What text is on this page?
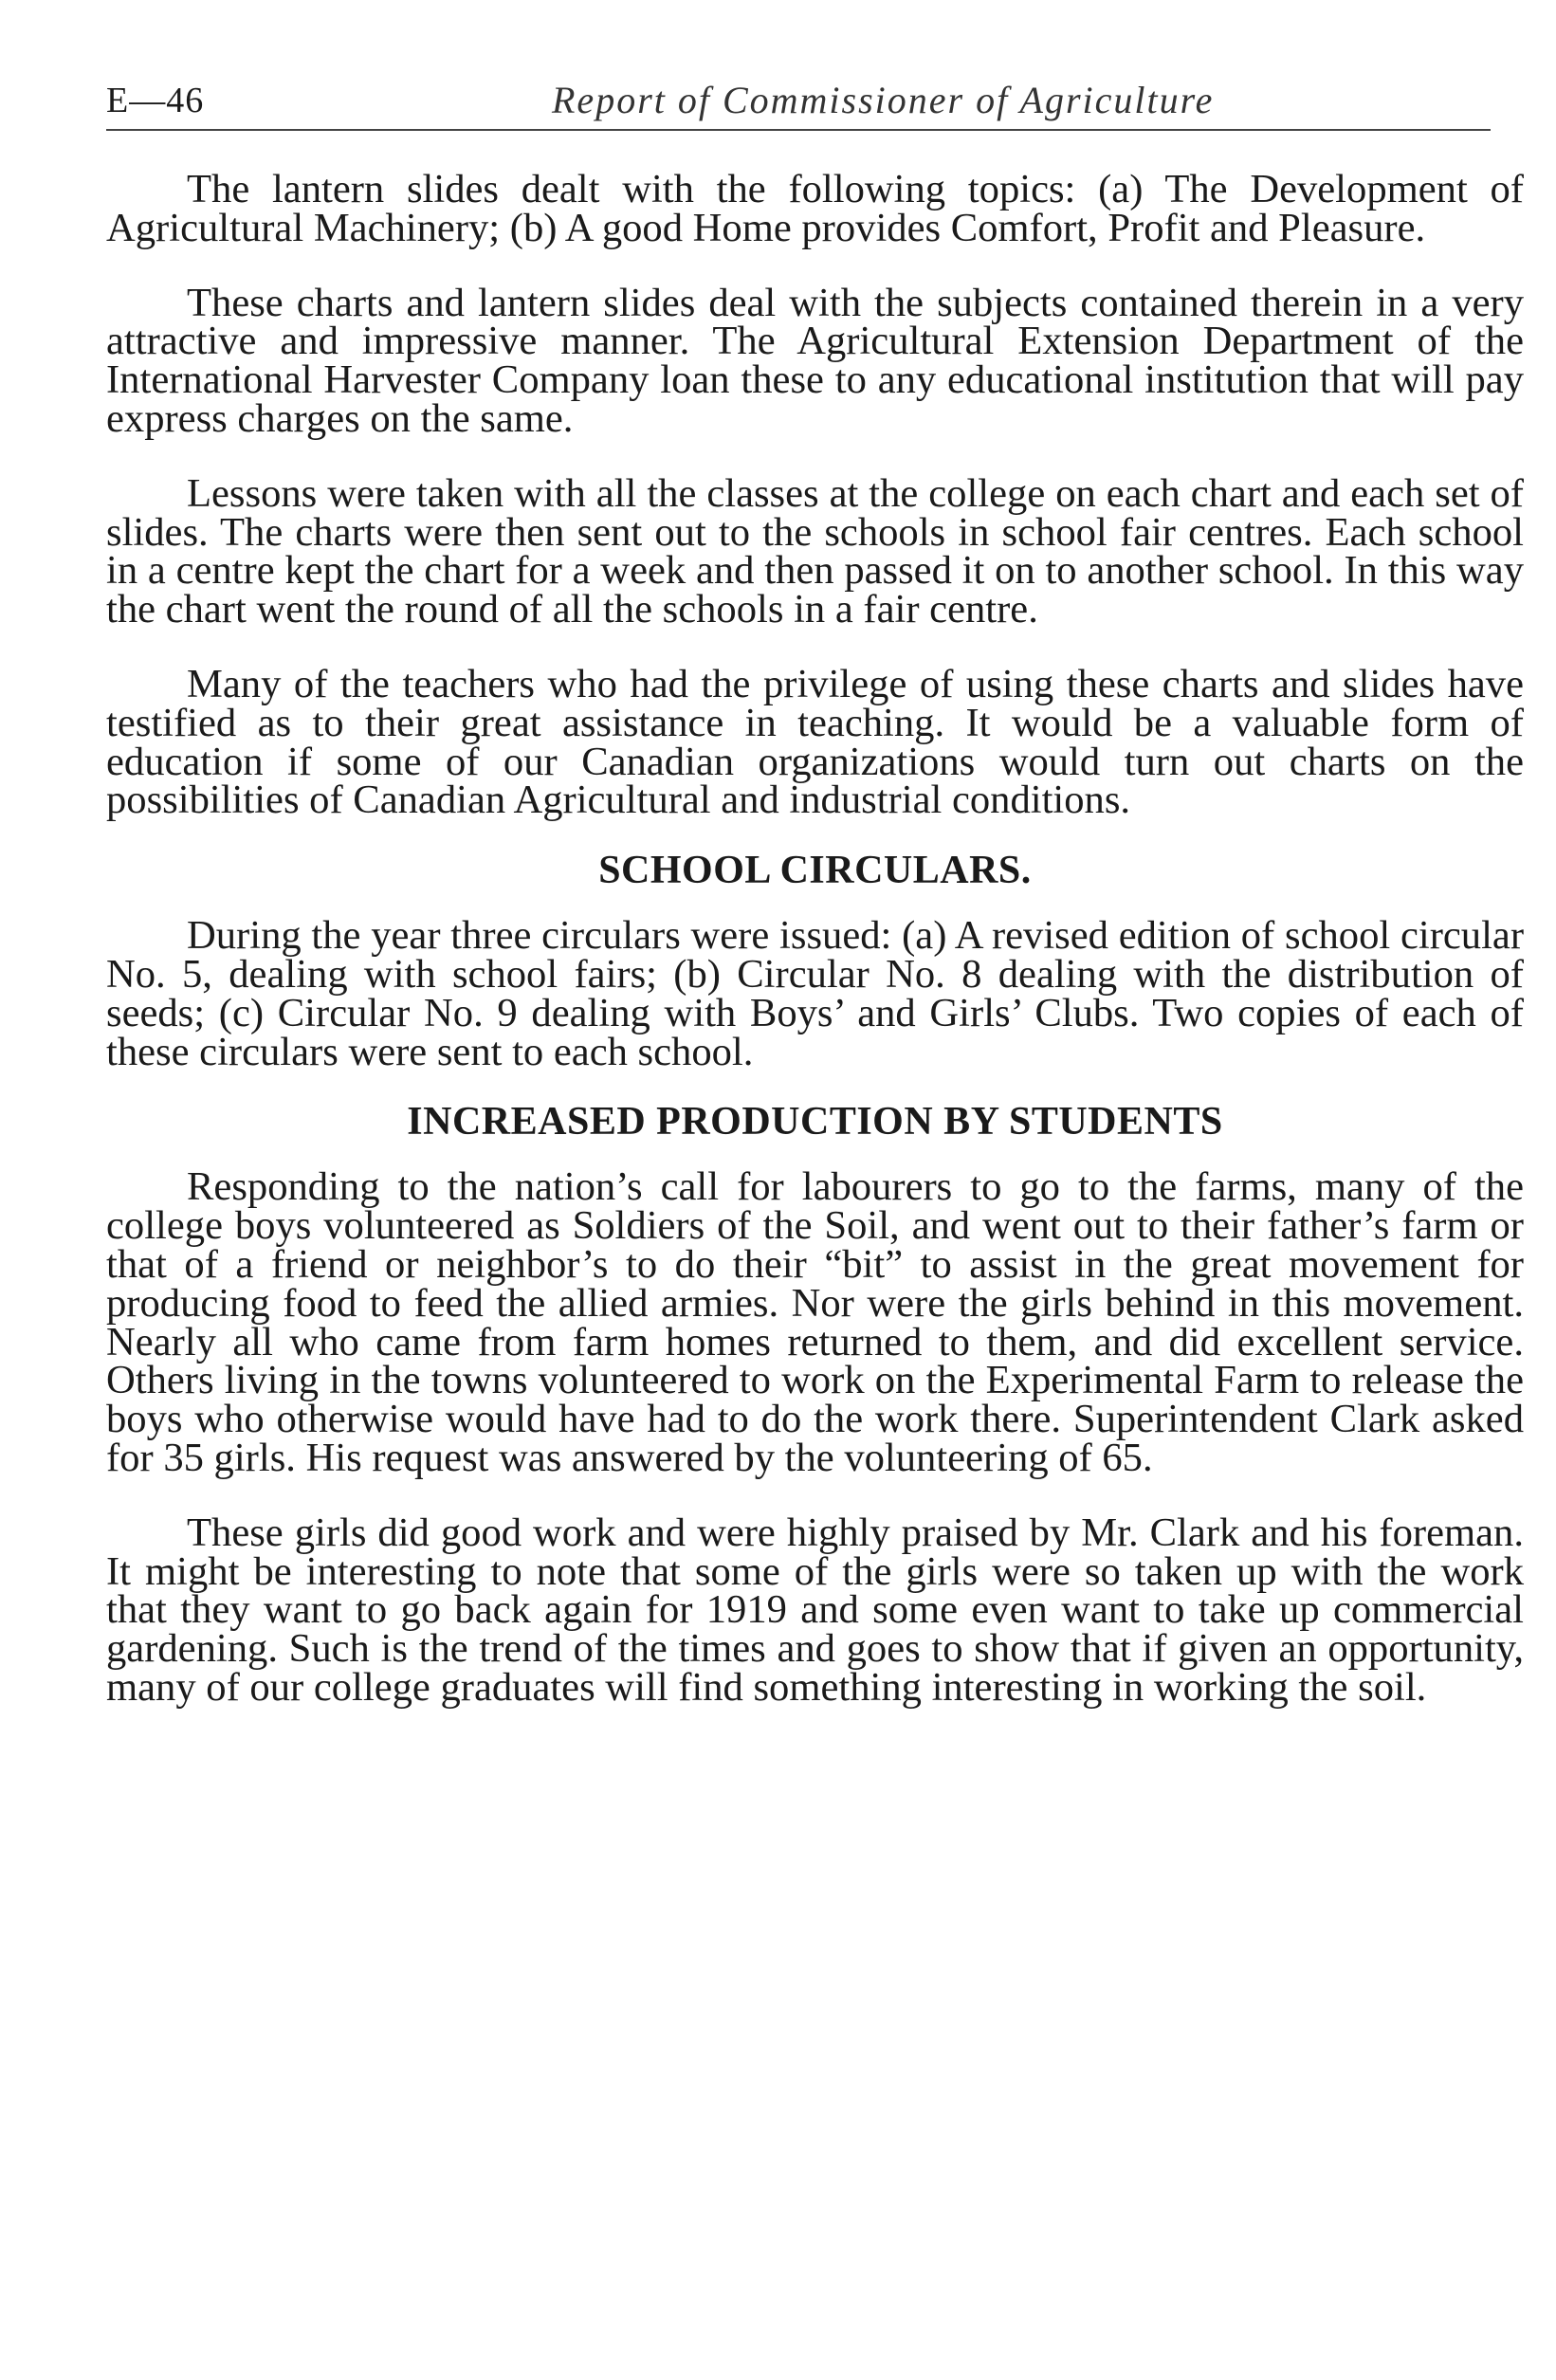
E—46	Report of Commissioner of Agriculture

The lantern slides dealt with the following topics: (a) The Development of Agricultural Machinery; (b) A good Home provides Comfort, Profit and Pleasure.

These charts and lantern slides deal with the subjects contained therein in a very attractive and impressive manner. The Agricultural Extension Department of the International Harvester Company loan these to any educational institution that will pay express charges on the same.

Lessons were taken with all the classes at the college on each chart and each set of slides. The charts were then sent out to the schools in school fair centres. Each school in a centre kept the chart for a week and then passed it on to another school. In this way the chart went the round of all the schools in a fair centre.

Many of the teachers who had the privilege of using these charts and slides have testified as to their great assistance in teaching. It would be a valuable form of education if some of our Canadian organizations would turn out charts on the possibilities of Canadian Agricultural and industrial conditions.

SCHOOL CIRCULARS.

During the year three circulars were issued: (a) A revised edition of school circular No. 5, dealing with school fairs; (b) Circular No. 8 dealing with the distribution of seeds; (c) Circular No. 9 dealing with Boys’ and Girls’ Clubs. Two copies of each of these circulars were sent to each school.

INCREASED PRODUCTION BY STUDENTS

Responding to the nation’s call for labourers to go to the farms, many of the college boys volunteered as Soldiers of the Soil, and went out to their father’s farm or that of a friend or neighbor’s to do their “bit” to assist in the great movement for producing food to feed the allied armies. Nor were the girls behind in this movement. Nearly all who came from farm homes returned to them, and did excellent service. Others living in the towns volunteered to work on the Experimental Farm to release the boys who otherwise would have had to do the work there. Superintendent Clark asked for 35 girls. His request was answered by the volunteering of 65.

These girls did good work and were highly praised by Mr. Clark and his foreman. It might be interesting to note that some of the girls were so taken up with the work that they want to go back again for 1919 and some even want to take up commercial gardening. Such is the trend of the times and goes to show that if given an opportunity, many of our college graduates will find something interesting in working the soil.
